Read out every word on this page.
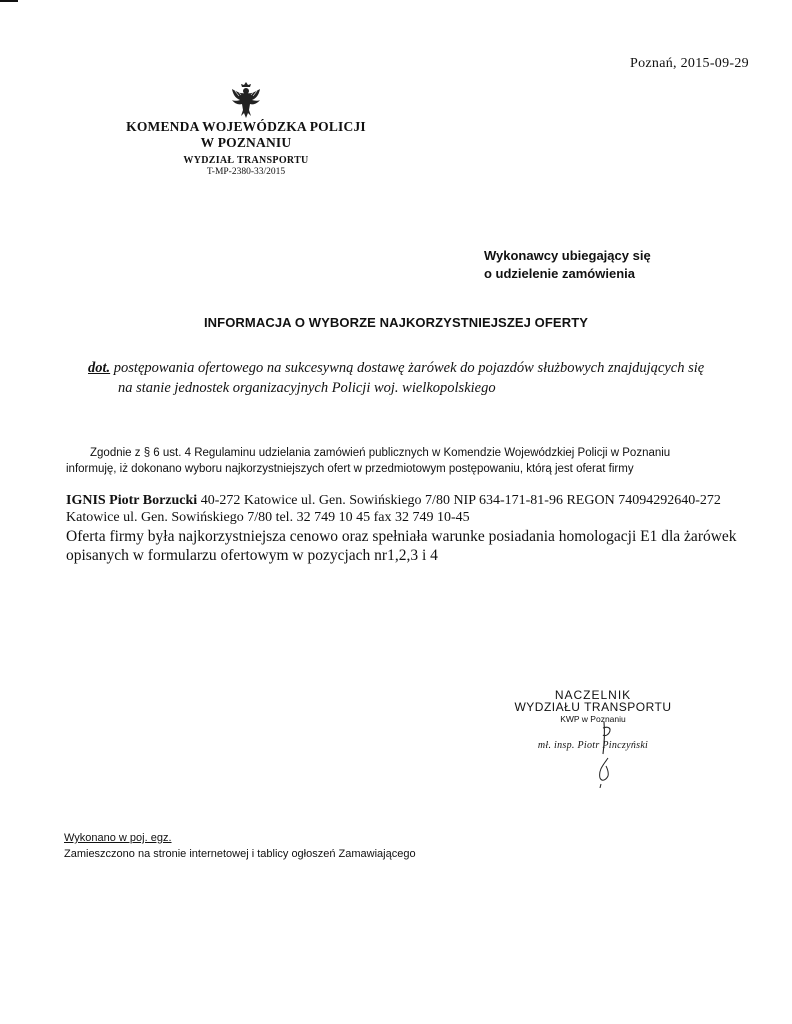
Poznań, 2015-09-29
KOMENDA WOJEWÓDZKA POLICJI
W POZNANIU
WYDZIAŁ TRANSPORTU
T-MP-2380-33/2015
Wykonawcy ubiegający się
o udzielenie zamówienia
INFORMACJA O WYBORZE NAJKORZYSTNIEJSZEJ OFERTY
dot. postępowania ofertowego na sukcesywną dostawę żarówek do pojazdów służbowych znajdujących się
na stanie jednostek organizacyjnych Policji woj. wielkopolskiego
Zgodnie z § 6 ust. 4 Regulaminu udzielania zamówień publicznych w Komendzie Wojewódzkiej Policji w Poznaniu
informuję, iż dokonano wyboru najkorzystniejszych ofert w przedmiotowym postępowaniu, którą jest oferat firmy
IGNIS Piotr Borzucki 40-272 Katowice ul. Gen. Sowińskiego 7/80 NIP 634-171-81-96 REGON 74094292640-272
Katowice ul. Gen. Sowińskiego 7/80 tel. 32 749 10 45 fax 32 749 10-45
Oferta firmy była najkorzystniejsza cenowo oraz spełniała warunke posiadania homologacji E1 dla żarówek
opisanych w formularzu ofertowym w pozycjach nr1,2,3 i 4
NACZELNIK
WYDZIAŁU TRANSPORTU
KWP w Poznaniu
mł. insp. Piotr Pinczyński
Wykonano w poj. egz.
Zamieszczono na stronie internetowej i tablicy ogłoszeń Zamawiającego
